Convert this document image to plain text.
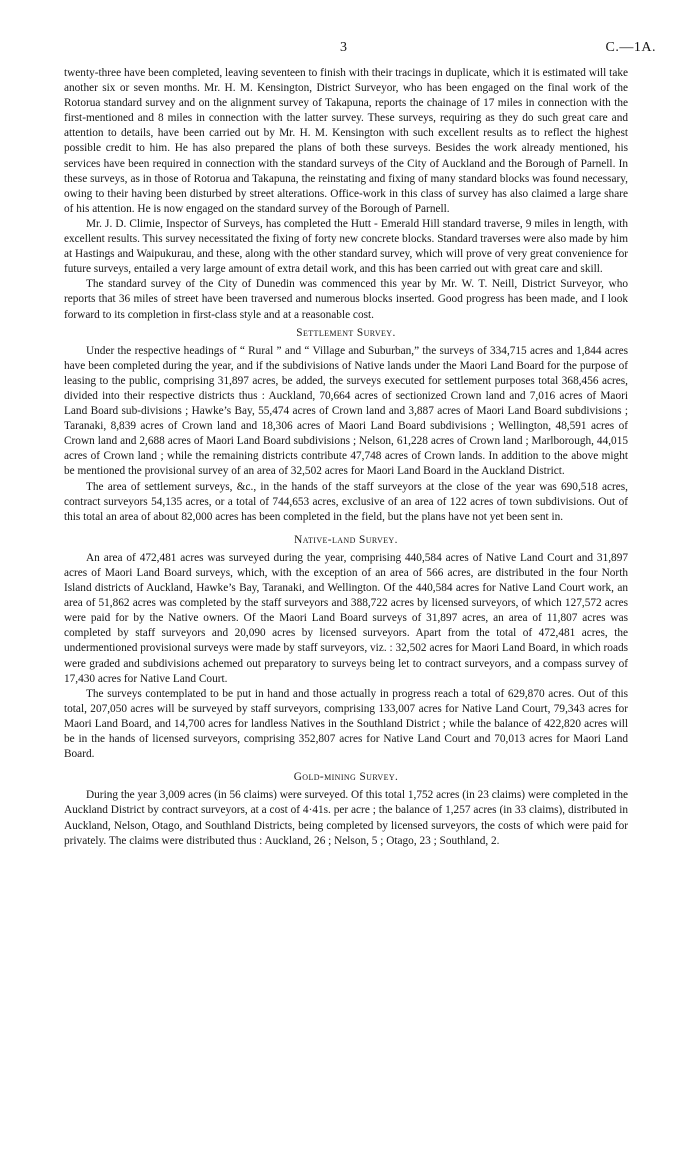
3	C.—1A.

twenty-three have been completed, leaving seventeen to finish with their tracings in duplicate, which it is estimated will take another six or seven months. Mr. H. M. Kensington, District Surveyor, who has been engaged on the final work of the Rotorua standard survey and on the alignment survey of Takapuna, reports the chainage of 17 miles in connection with the first-mentioned and 8 miles in connection with the latter survey. These surveys, requiring as they do such great care and attention to details, have been carried out by Mr. H. M. Kensington with such excellent results as to reflect the highest possible credit to him. He has also prepared the plans of both these surveys. Besides the work already mentioned, his services have been required in connection with the standard surveys of the City of Auckland and the Borough of Parnell. In these surveys, as in those of Rotorua and Takapuna, the reinstating and fixing of many standard blocks was found necessary, owing to their having been disturbed by street alterations. Office-work in this class of survey has also claimed a large share of his attention. He is now engaged on the standard survey of the Borough of Parnell.

Mr. J. D. Climie, Inspector of Surveys, has completed the Hutt - Emerald Hill standard traverse, 9 miles in length, with excellent results. This survey necessitated the fixing of forty new concrete blocks. Standard traverses were also made by him at Hastings and Waipukurau, and these, along with the other standard survey, which will prove of very great convenience for future surveys, entailed a very large amount of extra detail work, and this has been carried out with great care and skill.

The standard survey of the City of Dunedin was commenced this year by Mr. W. T. Neill, District Surveyor, who reports that 36 miles of street have been traversed and numerous blocks inserted. Good progress has been made, and I look forward to its completion in first-class style and at a reasonable cost.

Settlement Survey.

Under the respective headings of “ Rural ” and “ Village and Suburban,” the surveys of 334,715 acres and 1,844 acres have been completed during the year, and if the subdivisions of Native lands under the Maori Land Board for the purpose of leasing to the public, comprising 31,897 acres, be added, the surveys executed for settlement purposes total 368,456 acres, divided into their respective districts thus : Auckland, 70,664 acres of sectionized Crown land and 7,016 acres of Maori Land Board sub-divisions ; Hawke’s Bay, 55,474 acres of Crown land and 3,887 acres of Maori Land Board subdivisions ; Taranaki, 8,839 acres of Crown land and 18,306 acres of Maori Land Board subdivisions ; Wellington, 48,591 acres of Crown land and 2,688 acres of Maori Land Board subdivisions ; Nelson, 61,228 acres of Crown land ; Marlborough, 44,015 acres of Crown land ; while the remaining districts contribute 47,748 acres of Crown lands. In addition to the above might be mentioned the provisional survey of an area of 32,502 acres for Maori Land Board in the Auckland District.

The area of settlement surveys, &c., in the hands of the staff surveyors at the close of the year was 690,518 acres, contract surveyors 54,135 acres, or a total of 744,653 acres, exclusive of an area of 122 acres of town subdivisions. Out of this total an area of about 82,000 acres has been completed in the field, but the plans have not yet been sent in.

Native-land Survey.

An area of 472,481 acres was surveyed during the year, comprising 440,584 acres of Native Land Court and 31,897 acres of Maori Land Board surveys, which, with the exception of an area of 566 acres, are distributed in the four North Island districts of Auckland, Hawke’s Bay, Taranaki, and Wellington. Of the 440,584 acres for Native Land Court work, an area of 51,862 acres was completed by the staff surveyors and 388,722 acres by licensed surveyors, of which 127,572 acres were paid for by the Native owners. Of the Maori Land Board surveys of 31,897 acres, an area of 11,807 acres was completed by staff surveyors and 20,090 acres by licensed surveyors. Apart from the total of 472,481 acres, the undermentioned provisional surveys were made by staff surveyors, viz. : 32,502 acres for Maori Land Board, in which roads were graded and subdivisions achemed out preparatory to surveys being let to contract surveyors, and a compass survey of 17,430 acres for Native Land Court.

The surveys contemplated to be put in hand and those actually in progress reach a total of 629,870 acres. Out of this total, 207,050 acres will be surveyed by staff surveyors, comprising 133,007 acres for Native Land Court, 79,343 acres for Maori Land Board, and 14,700 acres for landless Natives in the Southland District ; while the balance of 422,820 acres will be in the hands of licensed surveyors, comprising 352,807 acres for Native Land Court and 70,013 acres for Maori Land Board.

Gold-mining Survey.

During the year 3,009 acres (in 56 claims) were surveyed. Of this total 1,752 acres (in 23 claims) were completed in the Auckland District by contract surveyors, at a cost of 4·41s. per acre ; the balance of 1,257 acres (in 33 claims), distributed in Auckland, Nelson, Otago, and Southland Districts, being completed by licensed surveyors, the costs of which were paid for privately. The claims were distributed thus : Auckland, 26 ; Nelson, 5 ; Otago, 23 ; Southland, 2.
